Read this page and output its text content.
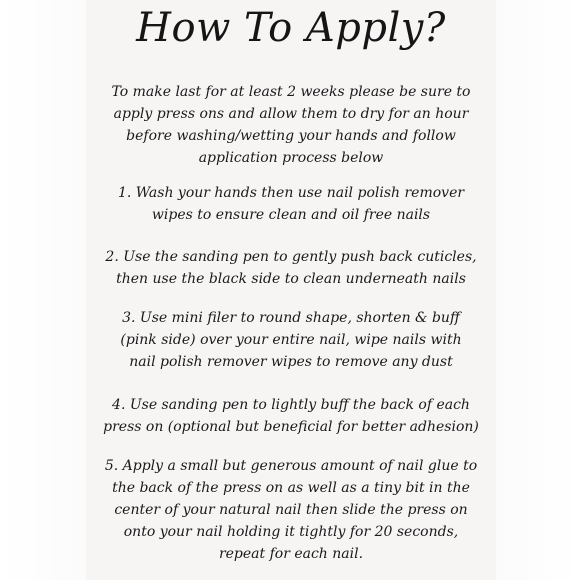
How To Apply?
To make last for at least 2 weeks please be sure to
apply press ons and allow them to dry for an hour
before washing/wetting your hands and follow
application process below
1. Wash your hands then use nail polish remover
wipes to ensure clean and oil free nails
2. Use the sanding pen to gently push back cuticles,
then use the black side to clean underneath nails
3. Use mini filer to round shape, shorten & buff
(pink side) over your entire nail, wipe nails with
nail polish remover wipes to remove any dust
4. Use sanding pen to lightly buff the back of each
press on (optional but beneficial for better adhesion)
5. Apply a small but generous amount of nail glue to
the back of the press on as well as a tiny bit in the
center of your natural nail then slide the press on
onto your nail holding it tightly for 20 seconds,
repeat for each nail.
